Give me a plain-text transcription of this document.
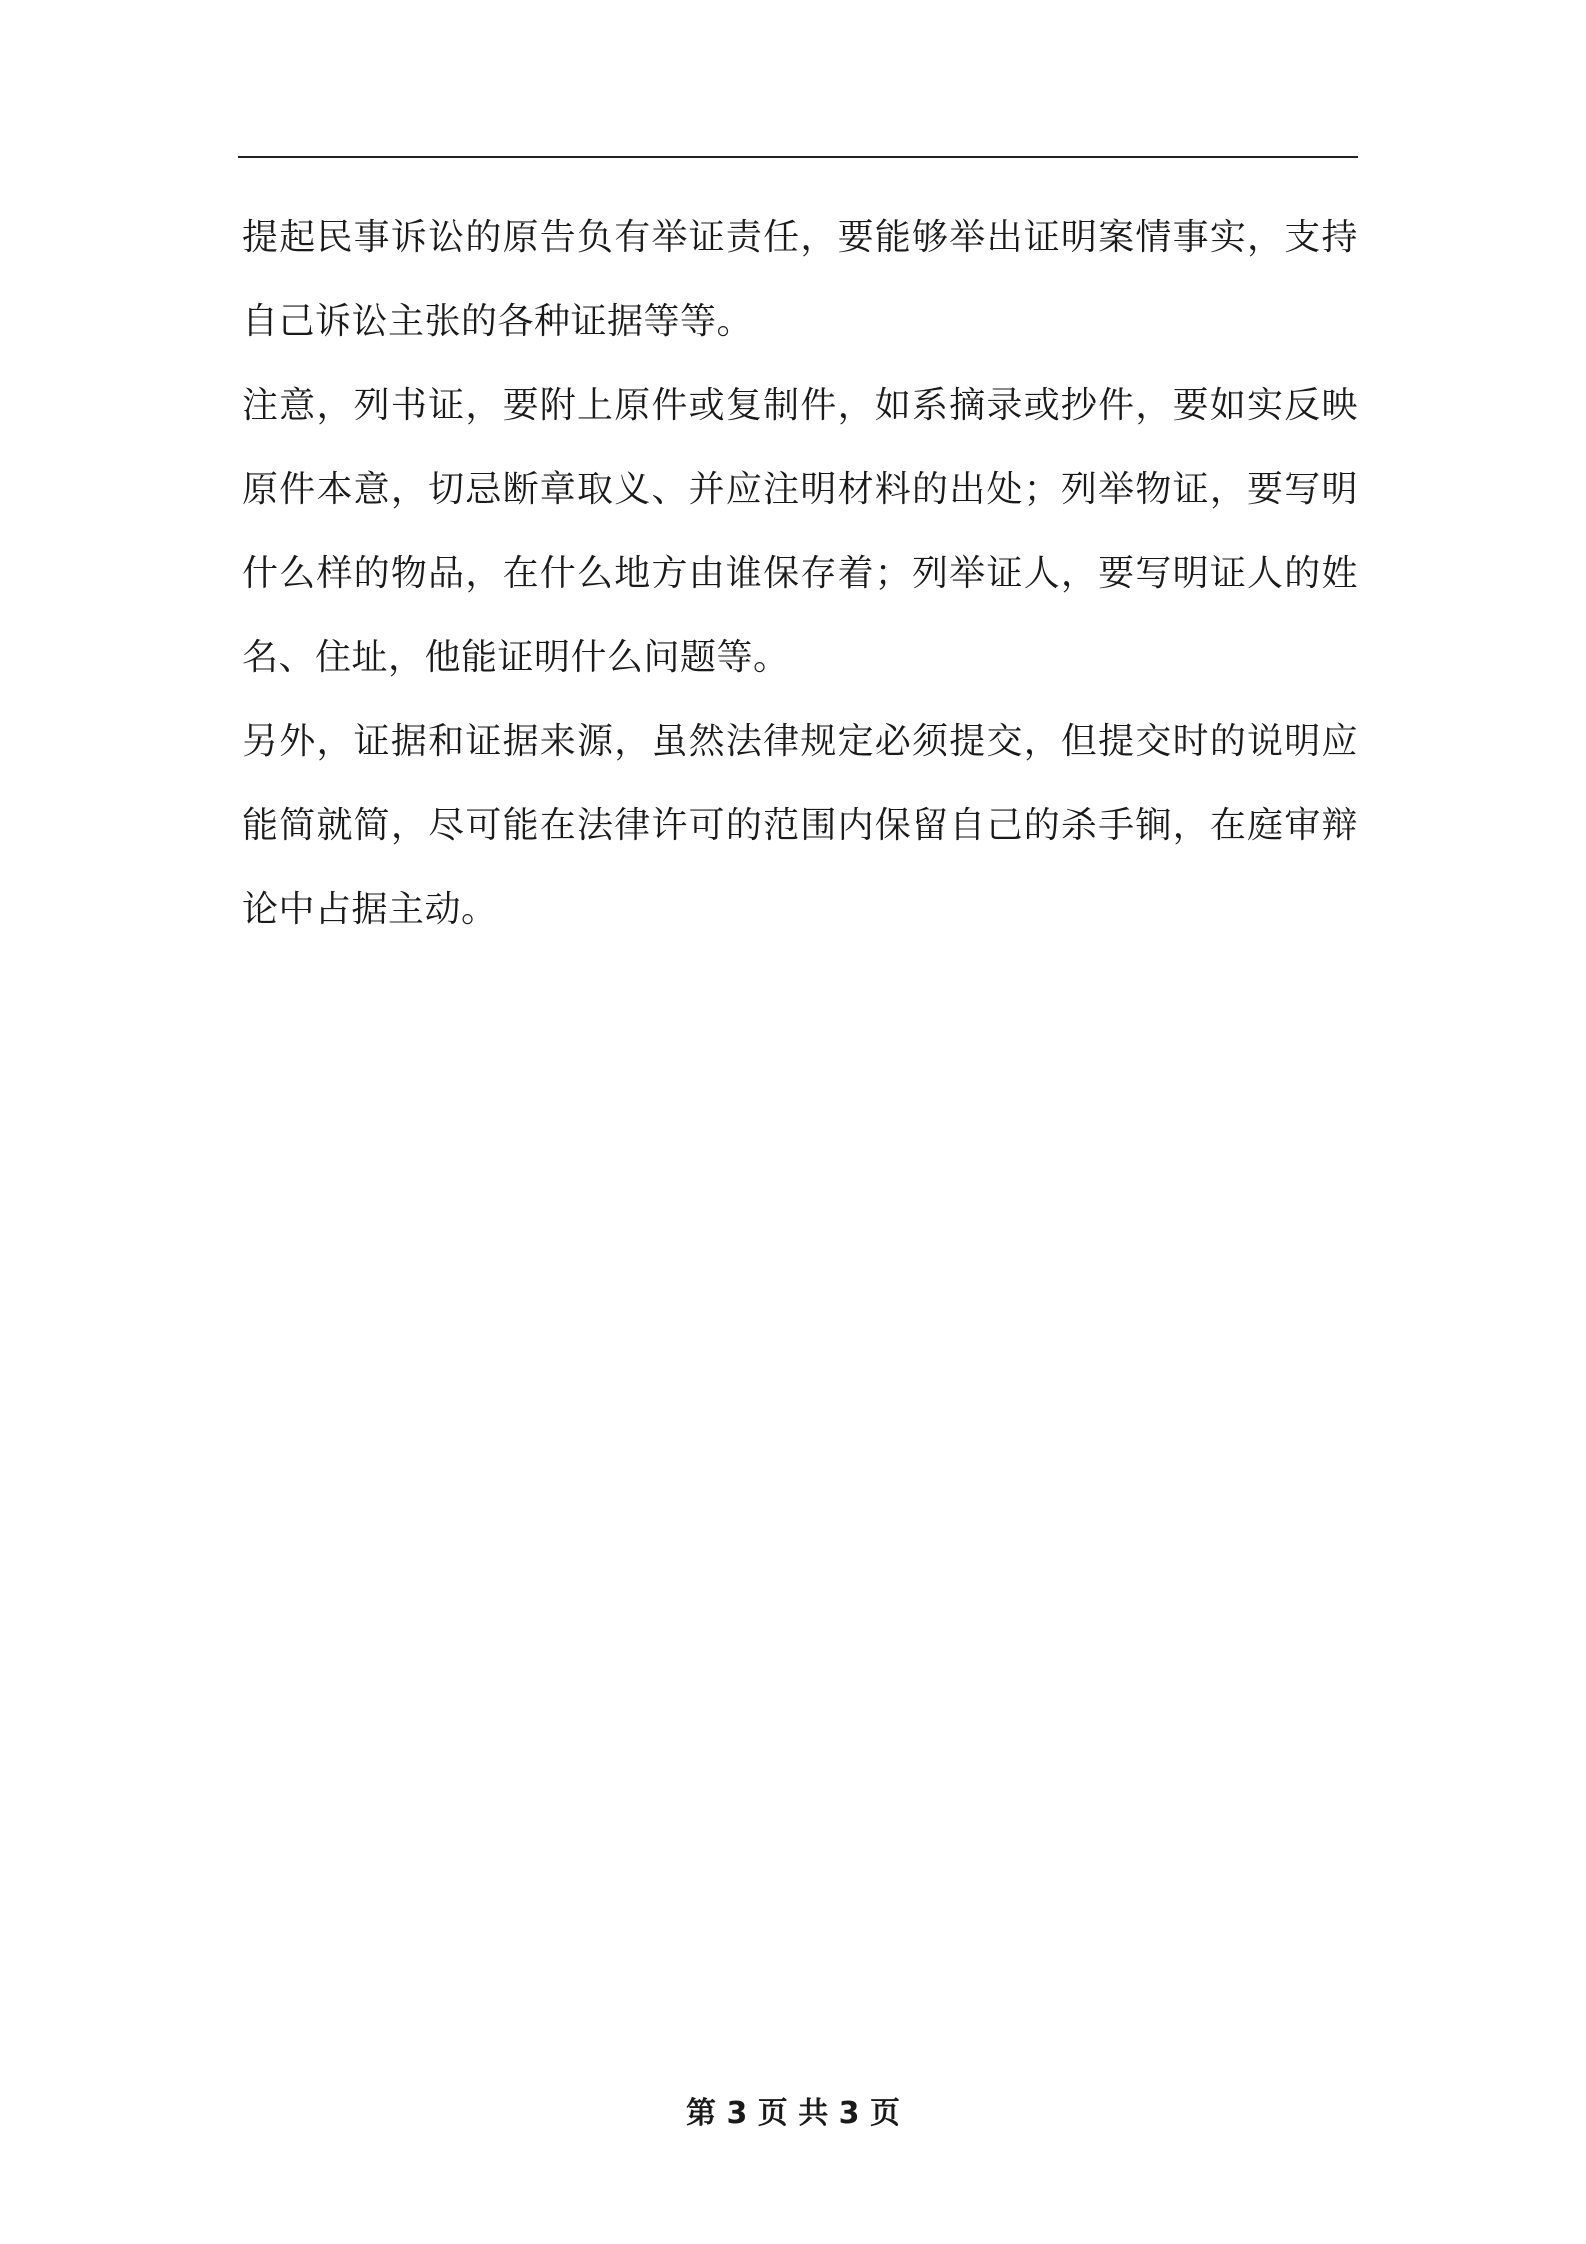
提起民事诉讼的原告负有举证责任，要能够举出证明案情事实，支持自己诉讼主张的各种证据等等。

注意，列书证，要附上原件或复制件，如系摘录或抄件，要如实反映原件本意，切忌断章取义、并应注明材料的出处；列举物证，要写明什么样的物品，在什么地方由谁保存着；列举证人，要写明证人的姓名、住址，他能证明什么问题等。

另外，证据和证据来源，虽然法律规定必须提交，但提交时的说明应能简就简，尽可能在法律许可的范围内保留自己的杀手锏，在庭审辩论中占据主动。

第 3 页 共 3 页
